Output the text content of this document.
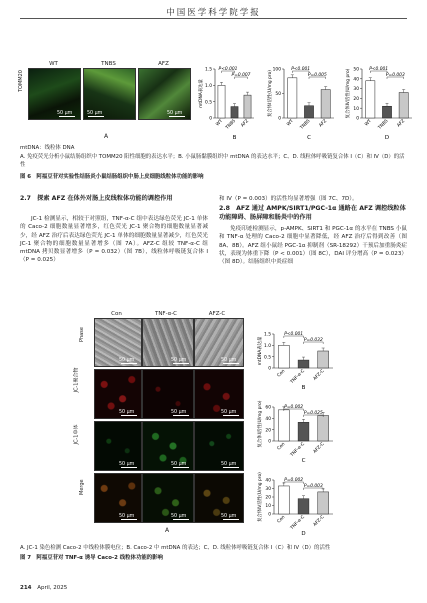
中国医学科学院学报
TOMM20
50 μm
WT
50 μm
TNBS
50 μm
AFZ
A
0
0.5
1.0
1.5
mtDNA表达量
WT TNBS AFZ
P<0.001
P=0.007
B
0
50
100
复合体Ⅰ活性(U/mg pro)
WT	TNBS AFZ
P<0.001
P=0.005
C
0
10
20
30
40
50
复合体Ⅳ活性(U/mg pro)
WT	TNBS AFZ
P<0.001
P=0.003
D
mtDNA：线粒体 DNA
A. 免疫荧光分析小鼠结肠组织中 TOMM20 阳性细胞的表达水平；B. 小鼠肠黏膜组织中 mtDNA 的表达水平；C、D. 线粒体呼吸链复合体 I（C）和 IV（D）的活性
图 6　阿福豆苷对实验性结肠炎小鼠结肠组织中肠上皮细胞线粒体功能的影响
2.7　探索 AFZ 在体外对肠上皮线粒体功能的调控作用
JC-1 检测显示，相较于对照组，TNF-α-C 组中表达绿色荧光 JC-1 单体的 Caco-2 细胞数量显著增多，红色荧光 JC-1 聚合物的细胞数量显著减少，经 AFZ 治疗后表达绿色荧光 JC-1 单体的细胞数量显著减少，红色荧光 JC-1 聚合物的细胞数量显著增多（图 7A）。AFZ-C 组较 TNF-α-C 组 mtDNA 拷贝数显著增多（P = 0.032）（图 7B），线粒体呼吸链复合体 I（P = 0.025）
和 IV（P = 0.003）的活性均显著增强（图 7C、7D）。
2.8　AFZ 通过 AMPK/SIRT1/PGC-1α 通路在 AFZ 调控线粒体功能障碍、肠屏障和肠炎中的作用
免疫印迹检测显示，p-AMPK、SIRT1 和 PGC-1α 的水平在 TNBS 小鼠和 TNF-α 处理的 Caco-2 细胞中显著降低，经 AFZ 治疗后得到改善（图 8A、8B）。AFZ 组小鼠经 PGC-1α 抑制剂（SR-18292）干预后加重肠炎症状，表现为体重下降（P < 0.001）（图 8C），DAI 评分增高（P = 0.023）（图 8D）。结肠组织中炎症细
Con	TNF-α-C	AFZ-C
Phase
JC-1聚合物
JC-1单体
Merge
50 μm	50 μm	50 μm
50 μm	50 μm	50 μm
50 μm	50 μm	50 μm
50 μm	50 μm	50 μm
A
0
0.5
1.0
1.5
mtDNA表达量
Con TNF-α-C AFZ-C
P<0.001
P=0.032
B
0
20
40
60
复合体Ⅰ活性(U/mg pro)	Con TNF-α-C AFZ-C
P=0.002
P=0.025
C
0
10
20
30
40
复合体Ⅳ活性(U/mg pro)	Con TNF-α-C AFZ-C
P=0.002
P=0.003
D
A. JC-1 染色检测 Caco-2 中线粒体膜电位；B. Caco-2 中 mtDNA 的表达；C、D. 线粒体呼吸链复合体 I（C）和 IV（D）的活性
图 7　阿福豆苷对 TNF-α 诱导 Caco-2 线粒体功能的影响
214 April, 2025
